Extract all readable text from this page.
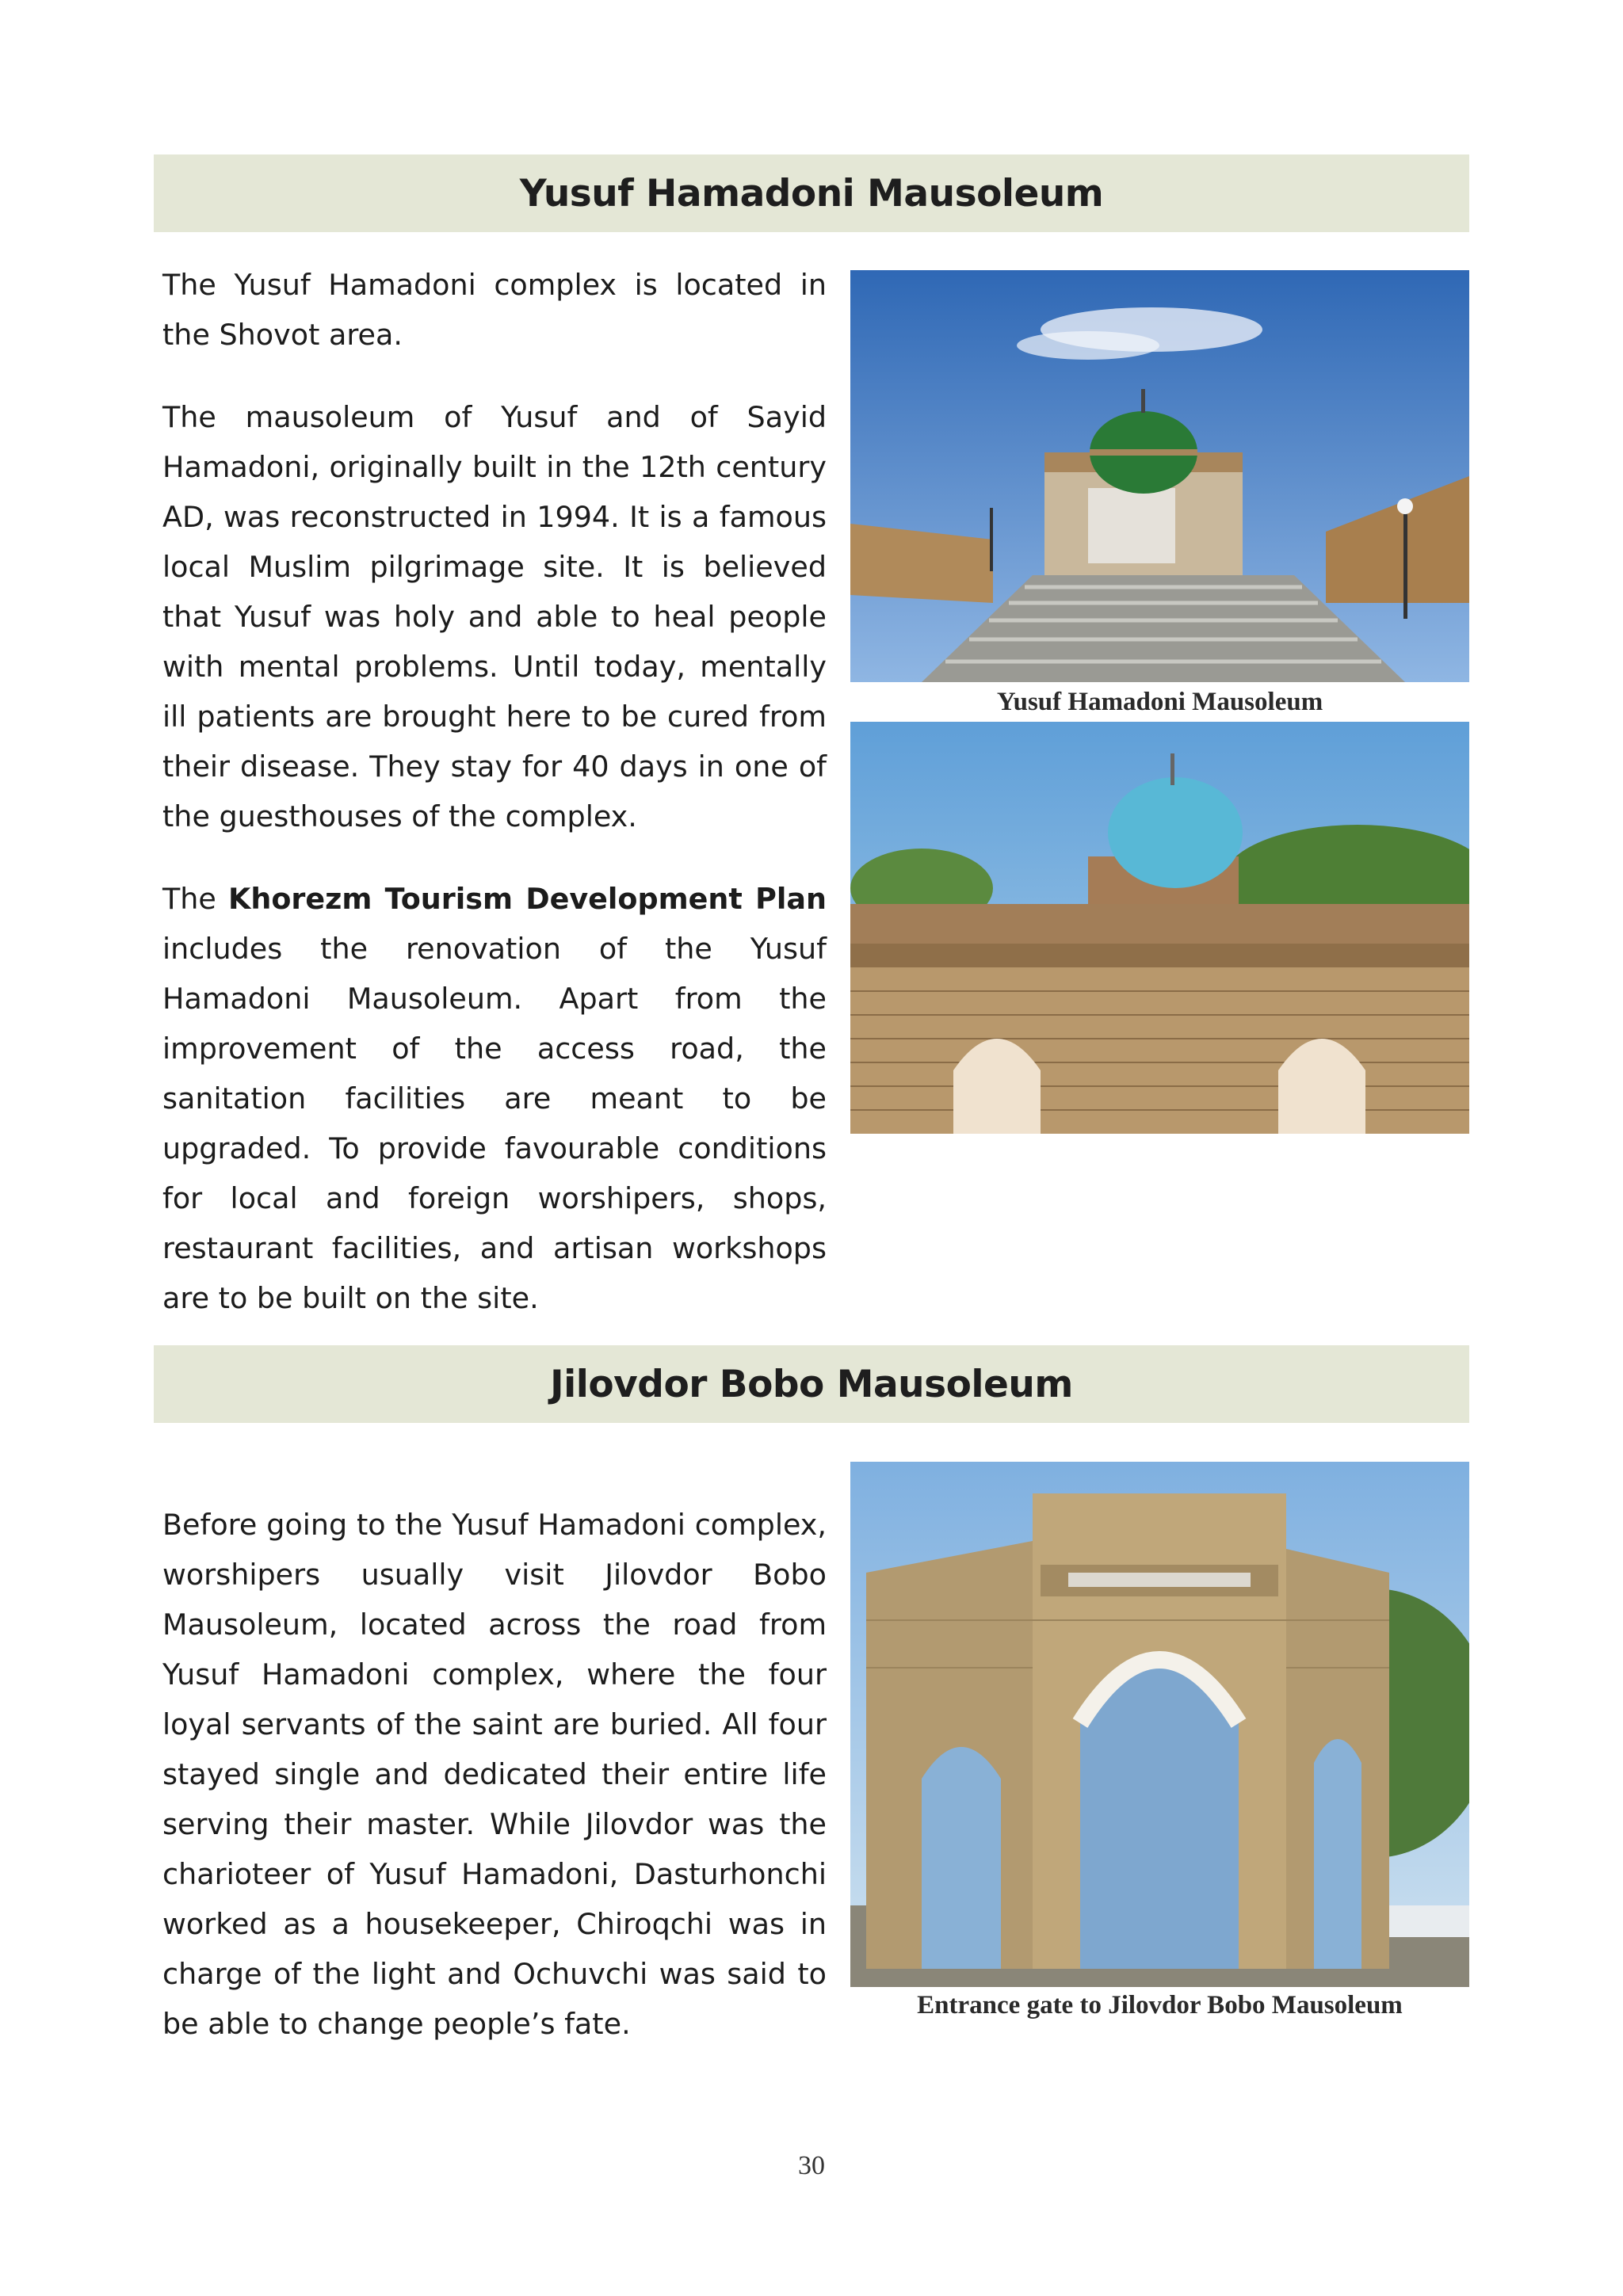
Yusuf Hamadoni Mausoleum

The Yusuf Hamadoni complex is located in the Shovot area.

The mausoleum of Yusuf and of Sayid Hamadoni, originally built in the 12th century AD, was reconstructed in 1994. It is a famous local Muslim pilgrimage site. It is believed that Yusuf was holy and able to heal people with mental problems. Until today, mentally ill patients are brought here to be cured from their disease. They stay for 40 days in one of the guesthouses of the complex.

The Khorezm Tourism Development Plan includes the renovation of the Yusuf Hamadoni Mausoleum. Apart from the improvement of the access road, the sanitation facilities are meant to be upgraded. To provide favourable conditions for local and foreign worshipers, shops, restaurant facilities, and artisan workshops are to be built on the site.

Yusuf Hamadoni Mausoleum
Jilovdor Bobo Mausoleum

Before going to the Yusuf Hamadoni complex, worshipers usually visit Jilovdor Bobo Mausoleum, located across the road from Yusuf Hamadoni complex, where the four loyal servants of the saint are buried. All four stayed single and dedicated their entire life serving their master. While Jilovdor was the charioteer of Yusuf Hamadoni, Dasturhonchi worked as a housekeeper, Chiroqchi was in charge of the light and Ochuvchi was said to be able to change people’s fate.

Entrance gate to Jilovdor Bobo Mausoleum
30
